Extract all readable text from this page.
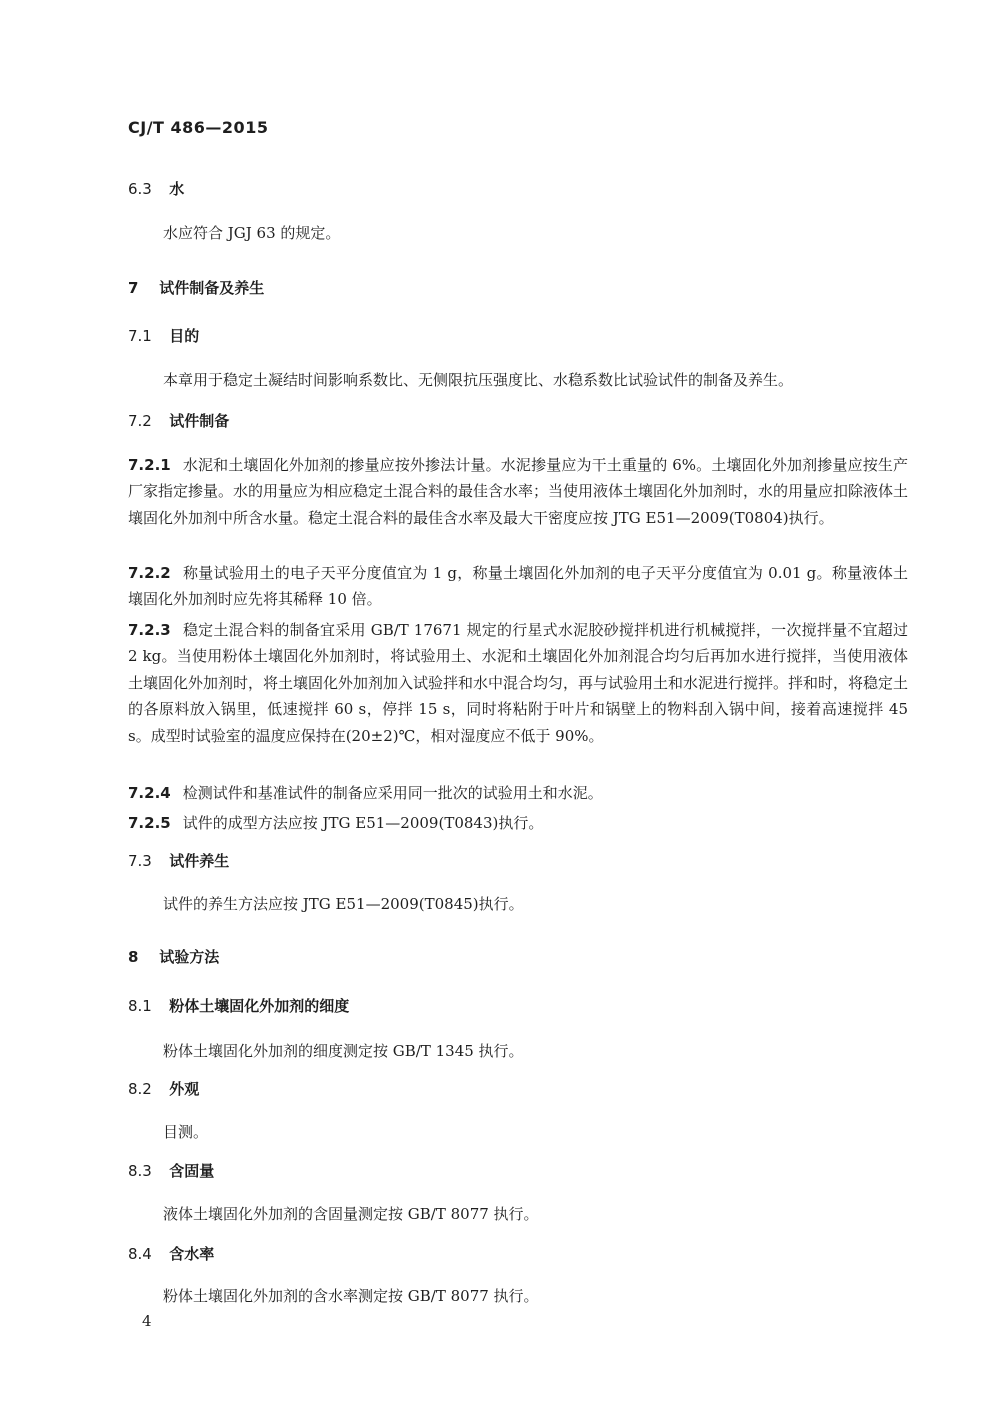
CJ/T 486—2015
6.3 水
水应符合 JGJ 63 的规定。
7 试件制备及养生
7.1 目的
本章用于稳定土凝结时间影响系数比、无侧限抗压强度比、水稳系数比试验试件的制备及养生。
7.2 试件制备
7.2.1 水泥和土壤固化外加剂的掺量应按外掺法计量。水泥掺量应为干土重量的 6%。土壤固化外加剂掺量应按生产厂家指定掺量。水的用量应为相应稳定土混合料的最佳含水率；当使用液体土壤固化外加剂时，水的用量应扣除液体土壤固化外加剂中所含水量。稳定土混合料的最佳含水率及最大干密度应按 JTG E51—2009(T0804)执行。
7.2.2 称量试验用土的电子天平分度值宜为 1 g，称量土壤固化外加剂的电子天平分度值宜为 0.01 g。称量液体土壤固化外加剂时应先将其稀释 10 倍。
7.2.3 稳定土混合料的制备宜采用 GB/T 17671 规定的行星式水泥胶砂搅拌机进行机械搅拌，一次搅拌量不宜超过 2 kg。当使用粉体土壤固化外加剂时，将试验用土、水泥和土壤固化外加剂混合均匀后再加水进行搅拌，当使用液体土壤固化外加剂时，将土壤固化外加剂加入试验拌和水中混合均匀，再与试验用土和水泥进行搅拌。拌和时，将稳定土的各原料放入锅里，低速搅拌 60 s，停拌 15 s，同时将粘附于叶片和锅壁上的物料刮入锅中间，接着高速搅拌 45 s。成型时试验室的温度应保持在(20±2)℃，相对湿度应不低于 90%。
7.2.4 检测试件和基准试件的制备应采用同一批次的试验用土和水泥。
7.2.5 试件的成型方法应按 JTG E51—2009(T0843)执行。
7.3 试件养生
试件的养生方法应按 JTG E51—2009(T0845)执行。
8 试验方法
8.1 粉体土壤固化外加剂的细度
粉体土壤固化外加剂的细度测定按 GB/T 1345 执行。
8.2 外观
目测。
8.3 含固量
液体土壤固化外加剂的含固量测定按 GB/T 8077 执行。
8.4 含水率
粉体土壤固化外加剂的含水率测定按 GB/T 8077 执行。
4
